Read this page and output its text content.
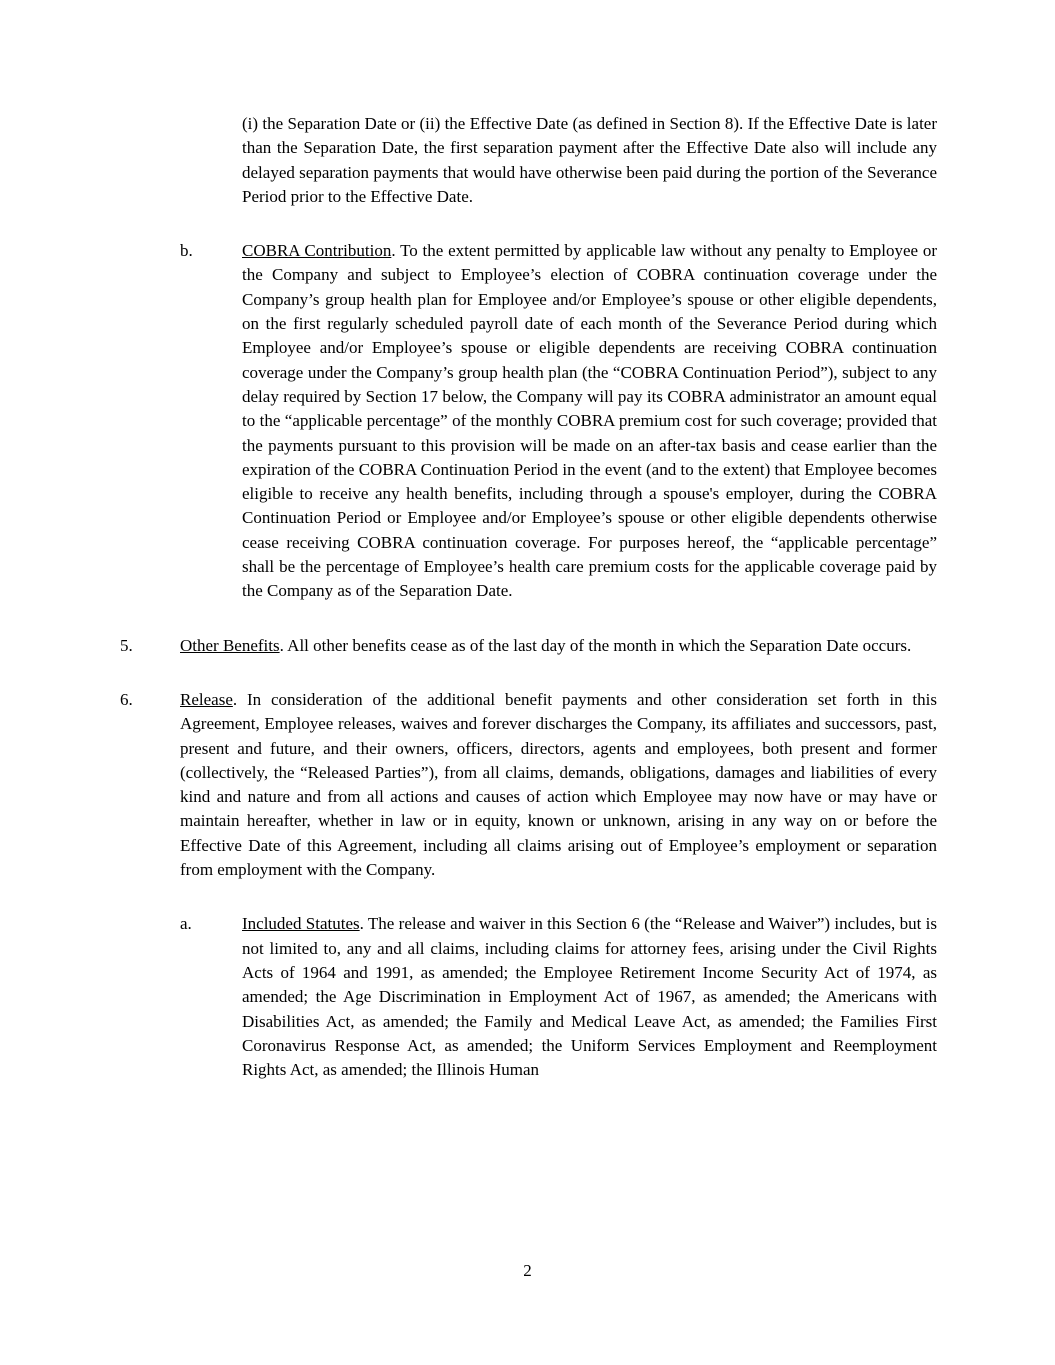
(i) the Separation Date or (ii) the Effective Date (as defined in Section 8). If the Effective Date is later than the Separation Date, the first separation payment after the Effective Date also will include any delayed separation payments that would have otherwise been paid during the portion of the Severance Period prior to the Effective Date.
b.	COBRA Contribution. To the extent permitted by applicable law without any penalty to Employee or the Company and subject to Employee’s election of COBRA continuation coverage under the Company’s group health plan for Employee and/or Employee’s spouse or other eligible dependents, on the first regularly scheduled payroll date of each month of the Severance Period during which Employee and/or Employee’s spouse or eligible dependents are receiving COBRA continuation coverage under the Company’s group health plan (the “COBRA Continuation Period”), subject to any delay required by Section 17 below, the Company will pay its COBRA administrator an amount equal to the “applicable percentage” of the monthly COBRA premium cost for such coverage; provided that the payments pursuant to this provision will be made on an after-tax basis and cease earlier than the expiration of the COBRA Continuation Period in the event (and to the extent) that Employee becomes eligible to receive any health benefits, including through a spouse's employer, during the COBRA Continuation Period or Employee and/or Employee’s spouse or other eligible dependents otherwise cease receiving COBRA continuation coverage. For purposes hereof, the “applicable percentage” shall be the percentage of Employee’s health care premium costs for the applicable coverage paid by the Company as of the Separation Date.
5.	Other Benefits. All other benefits cease as of the last day of the month in which the Separation Date occurs.
6.	Release. In consideration of the additional benefit payments and other consideration set forth in this Agreement, Employee releases, waives and forever discharges the Company, its affiliates and successors, past, present and future, and their owners, officers, directors, agents and employees, both present and former (collectively, the “Released Parties”), from all claims, demands, obligations, damages and liabilities of every kind and nature and from all actions and causes of action which Employee may now have or may have or maintain hereafter, whether in law or in equity, known or unknown, arising in any way on or before the Effective Date of this Agreement, including all claims arising out of Employee’s employment or separation from employment with the Company.
a.	Included Statutes. The release and waiver in this Section 6 (the “Release and Waiver”) includes, but is not limited to, any and all claims, including claims for attorney fees, arising under the Civil Rights Acts of 1964 and 1991, as amended; the Employee Retirement Income Security Act of 1974, as amended; the Age Discrimination in Employment Act of 1967, as amended; the Americans with Disabilities Act, as amended; the Family and Medical Leave Act, as amended; the Families First Coronavirus Response Act, as amended; the Uniform Services Employment and Reemployment Rights Act, as amended; the Illinois Human
2
